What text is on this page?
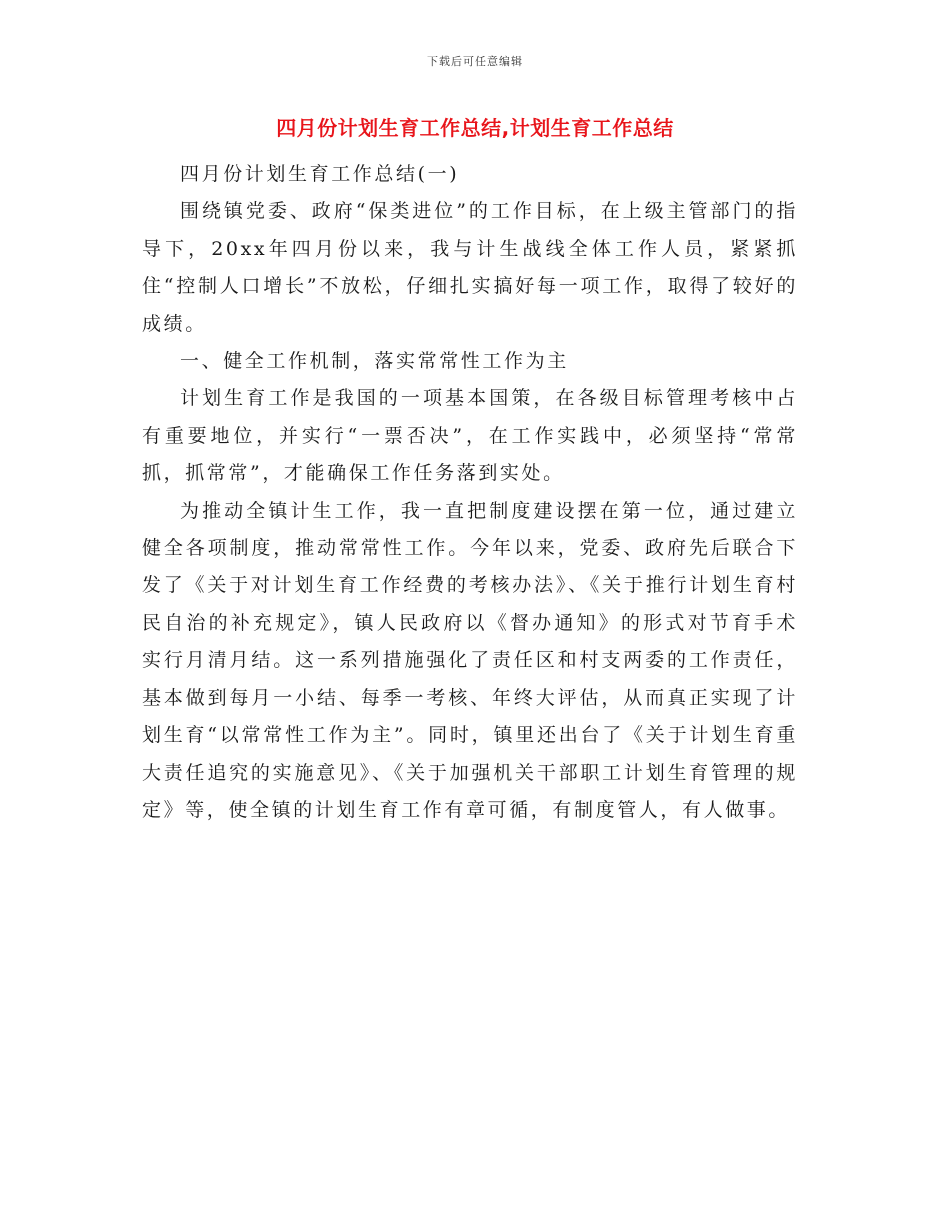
下载后可任意编辑
四月份计划生育工作总结,计划生育工作总结

四月份计划生育工作总结(一)

围绕镇党委、政府“保类进位”的工作目标，在上级主管部门的指导下，20xx年四月份以来，我与计生战线全体工作人员，紧紧抓住“控制人口增长”不放松，仔细扎实搞好每一项工作，取得了较好的成绩。

一、健全工作机制，落实常常性工作为主

计划生育工作是我国的一项基本国策，在各级目标管理考核中占有重要地位，并实行“一票否决”，在工作实践中，必须坚持“常常抓，抓常常”，才能确保工作任务落到实处。

为推动全镇计生工作，我一直把制度建设摆在第一位，通过建立健全各项制度，推动常常性工作。今年以来，党委、政府先后联合下发了《关于对计划生育工作经费的考核办法》、《关于推行计划生育村民自治的补充规定》，镇人民政府以《督办通知》的形式对节育手术实行月清月结。这一系列措施强化了责任区和村支两委的工作责任，基本做到每月一小结、每季一考核、年终大评估，从而真正实现了计划生育“以常常性工作为主”。同时，镇里还出台了《关于计划生育重大责任追究的实施意见》、《关于加强机关干部职工计划生育管理的规定》等，使全镇的计划生育工作有章可循，有制度管人，有人做事。
